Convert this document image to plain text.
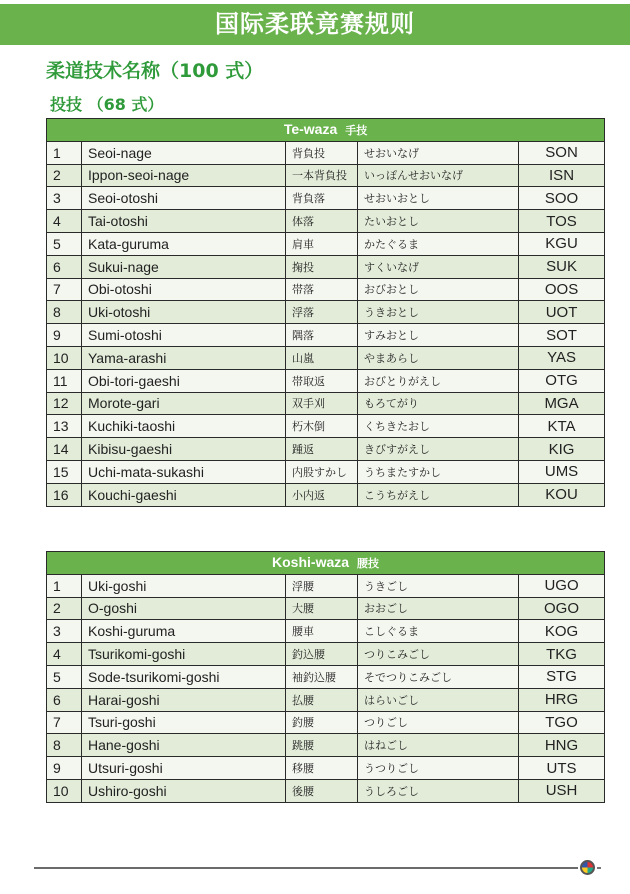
国际柔联竟赛规则
柔道技术名称（100 式）
投技 （68 式）
Te-waza 手技				
1	Seoi-nage	背負投	せおいなげ	SON
2	Ippon-seoi-nage	一本背負投	いっぽんせおいなげ	ISN
3	Seoi-otoshi	背負落	せおいおとし	SOO
4	Tai-otoshi	体落	たいおとし	TOS
5	Kata-guruma	肩車	かたぐるま	KGU
6	Sukui-nage	掬投	すくいなげ	SUK
7	Obi-otoshi	帯落	おびおとし	OOS
8	Uki-otoshi	浮落	うきおとし	UOT
9	Sumi-otoshi	隅落	すみおとし	SOT
10	Yama-arashi	山嵐	やまあらし	YAS
11	Obi-tori-gaeshi	帯取返	おびとりがえし	OTG
12	Morote-gari	双手刈	もろてがり	MGA
13	Kuchiki-taoshi	朽木倒	くちきたおし	KTA
14	Kibisu-gaeshi	踵返	きびすがえし	KIG
15	Uchi-mata-sukashi	内股すかし	うちまたすかし	UMS
16	Kouchi-gaeshi	小内返	こうちがえし	KOU
Koshi-waza 腰技				
1	Uki-goshi	浮腰	うきごし	UGO
2	O-goshi	大腰	おおごし	OGO
3	Koshi-guruma	腰車	こしぐるま	KOG
4	Tsurikomi-goshi	釣込腰	つりこみごし	TKG
5	Sode-tsurikomi-goshi	袖釣込腰	そでつりこみごし	STG
6	Harai-goshi	払腰	はらいごし	HRG
7	Tsuri-goshi	釣腰	つりごし	TGO
8	Hane-goshi	跳腰	はねごし	HNG
9	Utsuri-goshi	移腰	うつりごし	UTS
10	Ushiro-goshi	後腰	うしろごし	USH
